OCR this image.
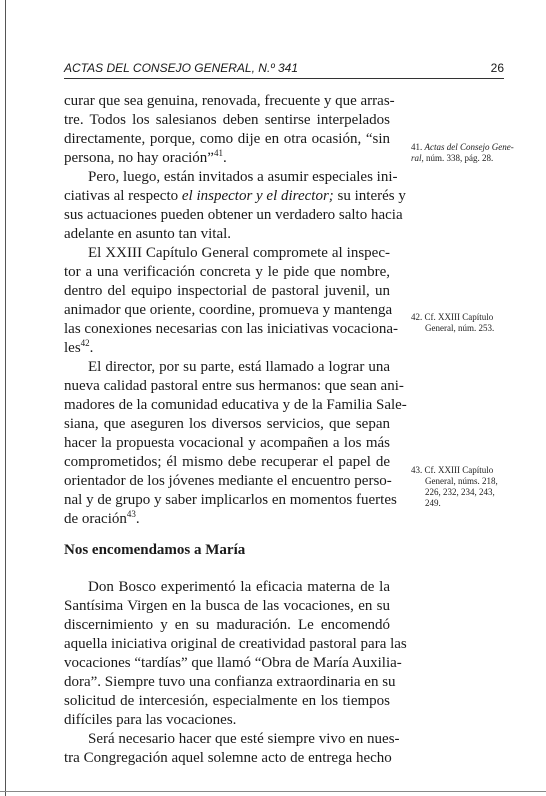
ACTAS DEL CONSEJO GENERAL, N.º 341	26
curar que sea genuina, renovada, frecuente y que arras-
tre. Todos los salesianos deben sentirse interpelados
directamente, porque, como dije en otra ocasión, “sin
persona, no hay oración”$^{41}$.
Pero, luego, están invitados a asumir especiales ini-
ciativas al respecto el inspector y el director; su interés y
sus actuaciones pueden obtener un verdadero salto hacia
adelante en asunto tan vital.
El XXIII Capítulo General compromete al inspec-
tor a una verificación concreta y le pide que nombre,
dentro del equipo inspectorial de pastoral juvenil, un
animador que oriente, coordine, promueva y mantenga
las conexiones necesarias con las iniciativas vocaciona-
les$^{42}$.
El director, por su parte, está llamado a lograr una
nueva calidad pastoral entre sus hermanos: que sean ani-
madores de la comunidad educativa y de la Familia Sale-
siana, que aseguren los diversos servicios, que sepan
hacer la propuesta vocacional y acompañen a los más
comprometidos; él mismo debe recuperar el papel de
orientador de los jóvenes mediante el encuentro perso-
nal y de grupo y saber implicarlos en momentos fuertes
de oración$^{43}$.
Nos encomendamos a María
Don Bosco experimentó la eficacia materna de la
Santísima Virgen en la busca de las vocaciones, en su
discernimiento y en su maduración. Le encomendó
aquella iniciativa original de creatividad pastoral para las
vocaciones “tardías” que llamó “Obra de María Auxilia-
dora”. Siempre tuvo una confianza extraordinaria en su
solicitud de intercesión, especialmente en los tiempos
difíciles para las vocaciones.
Será necesario hacer que esté siempre vivo en nues-
tra Congregación aquel solemne acto de entrega hecho
41. Actas del Consejo Gene-
ral, núm. 338, pág. 28.
42. Cf. XXIII Capítulo
General, núm. 253.
43. Cf. XXIII Capítulo
General, núms. 218,
226, 232, 234, 243,
249.
